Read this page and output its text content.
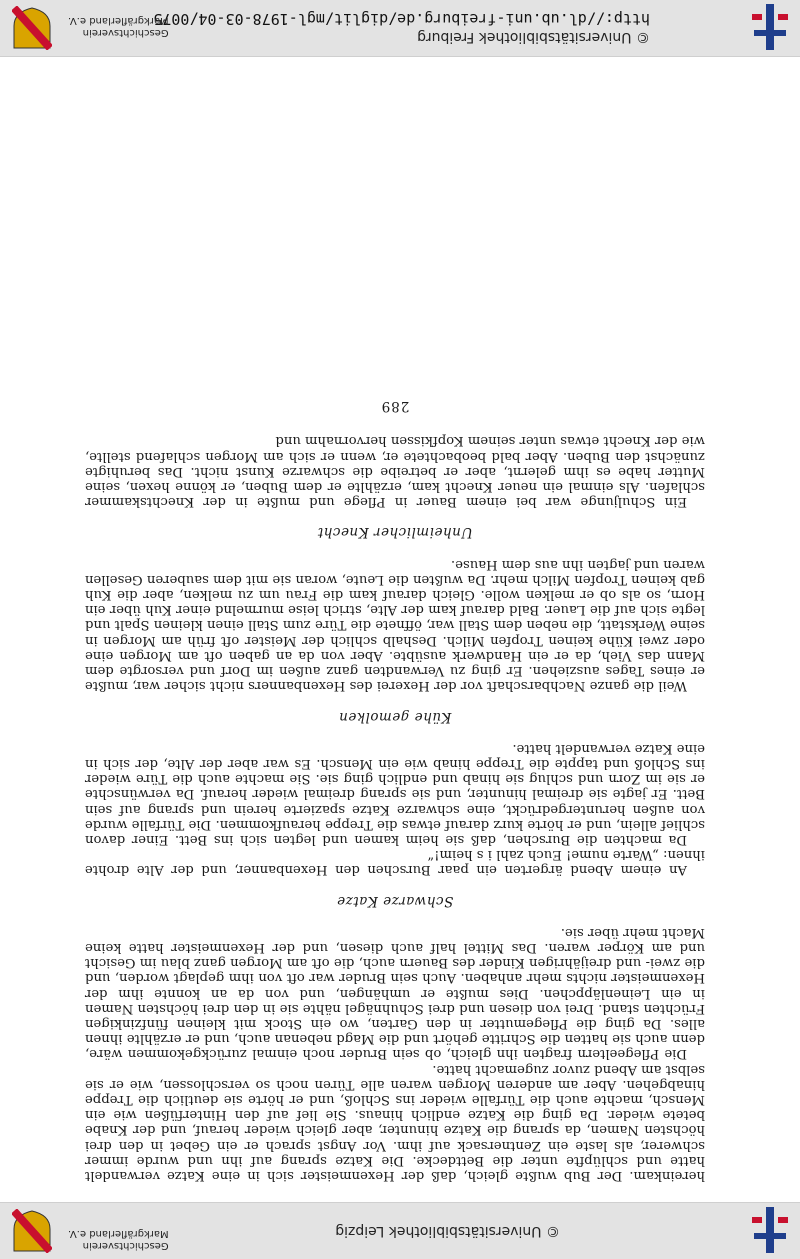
© Universitätsbibliothek Leipzig
Geschichtsverein
Markgräflerland e.V.

hereinkam. Der Bub wußte gleich, daß der Hexenmeister sich in eine Katze verwandelt hatte und schlüpfte unter die Bettdecke. Die Katze sprang auf ihn und wurde immer schwerer, als laste ein Zentnersack auf ihm. Vor Angst sprach er ein Gebet in den drei höchsten Namen, da sprang die Katze hinunter, aber gleich wieder herauf, und der Knabe betete wieder. Da ging die Katze endlich hinaus. Sie lief auf den Hinterfüßen wie ein Mensch, machte auch die Türfalle wieder ins Schloß, und er hörte sie deutlich die Treppe hinabgehen. Aber am anderen Morgen waren alle Türen noch so verschlossen, wie er sie selbst am Abend zuvor zugemacht hatte.

Die Pflegeeltern fragten ihn gleich, ob sein Bruder noch einmal zurückgekommen wäre, denn auch sie hatten die Schritte gehört und die Magd nebenan auch, und er erzählte ihnen alles. Da ging die Pflegemutter in den Garten, wo ein Stock mit kleinen fünfzinkigen Früchten stand. Drei von diesen und drei Schuhnägel nähte sie in den drei höchsten Namen in ein Leinenläppchen. Dies mußte er umhängen, und von da an konnte ihm der Hexenmeister nichts mehr anhaben. Auch sein Bruder war oft von ihm geplagt worden, und die zwei- und dreijährigen Kinder des Bauern auch, die oft am Morgen ganz blau im Gesicht und am Körper waren. Das Mittel half auch diesen, und der Hexenmeister hatte keine Macht mehr über sie.

Schwarze Katze

An einem Abend ärgerten ein paar Burschen den Hexenbanner, und der Alte drohte ihnen: „Warte nume! Euch zahl i s heim!“

Da machten die Burschen, daß sie heim kamen und legten sich ins Bett. Einer davon schlief allein, und er hörte kurz darauf etwas die Treppe heraufkommen. Die Türfalle wurde von außen heruntergedrückt, eine schwarze Katze spazierte herein und sprang auf sein Bett. Er jagte sie dreimal hinunter, und sie sprang dreimal wieder herauf. Da verwünschte er sie im Zorn und schlug sie hinab und endlich ging sie. Sie machte auch die Türe wieder ins Schloß und tappte die Treppe hinab wie ein Mensch. Es war aber der Alte, der sich in eine Katze verwandelt hatte.

Kühe gemolken

Weil die ganze Nachbarschaft vor der Hexerei des Hexenbanners nicht sicher war, mußte er eines Tages ausziehen. Er ging zu Verwandten ganz außen im Dorf und versorgte dem Mann das Vieh, da er ein Handwerk ausübte. Aber von da an gaben oft am Morgen eine oder zwei Kühe keinen Tropfen Milch. Deshalb schlich der Meister oft früh am Morgen in seine Werkstatt, die neben dem Stall war, öffnete die Türe zum Stall einen kleinen Spalt und legte sich auf die Lauer. Bald darauf kam der Alte, strich leise murmelnd einer Kuh über ein Horn, so als ob er melken wolle. Gleich darauf kam die Frau um zu melken, aber die Kuh gab keinen Tropfen Milch mehr. Da wußten die Leute, woran sie mit dem sauberen Gesellen waren und jagten ihn aus dem Hause.

Unheimlicher Knecht

Ein Schuljunge war bei einem Bauer in Pflege und mußte in der Knechtskammer schlafen. Als einmal ein neuer Knecht kam, erzählte er dem Buben, er könne hexen, seine Mutter habe es ihm gelernt, aber er betreibe die schwarze Kunst nicht. Das beruhigte zunächst den Buben. Aber bald beobachtete er, wenn er sich am Morgen schlafend stellte, wie der Knecht etwas unter seinem Kopfkissen hervornahm und

289
© Universitätsbibliothek Freiburg
http://dl.ub.uni-freiburg.de/diglit/mgl-1978-03-04/0075
Geschichtsverein
Markgräflerland e.V.
